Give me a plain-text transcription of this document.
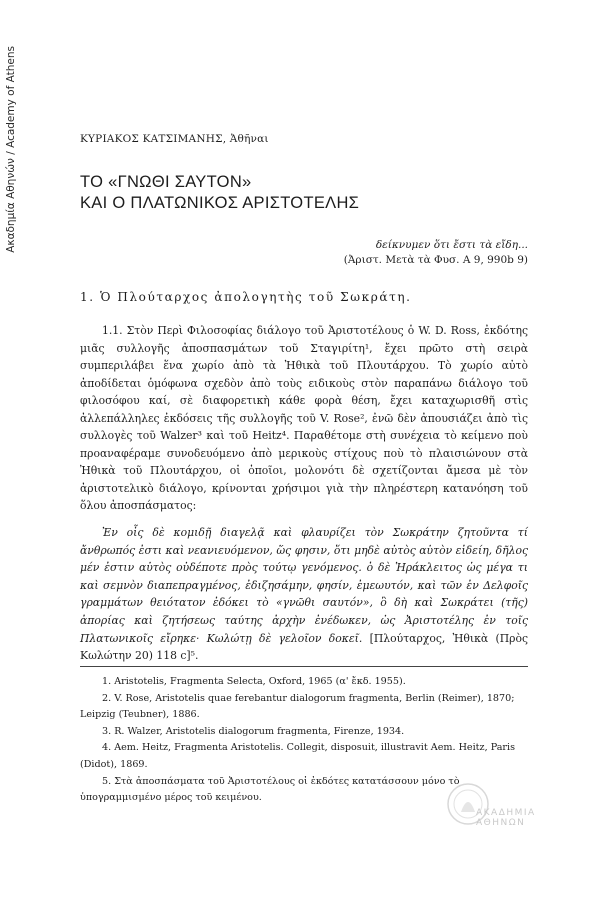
Ακαδημία Αθηνών / Academy of Athens	ΚΥΡΙΑΚΟΣ ΚΑΤΣΙΜΑΝΗΣ, Ἀθῆναι
ΤΟ «ΓΝΩΘΙ ΣΑΥΤΟΝ»
ΚΑΙ Ο ΠΛΑΤΩΝΙΚΟΣ ΑΡΙΣΤΟΤΕΛΗΣ
δείκνυμεν ὅτι ἔστι τὰ εἴδη...
(Ἀριστ. Μετὰ τὰ Φυσ. Α 9, 990b 9)
1. Ὁ Πλούταρχος ἀπολογητὴς τοῦ Σωκράτη.

1.1. Στὸν Περὶ Φιλοσοφίας διάλογο τοῦ Ἀριστοτέλους ὁ W. D. Ross, ἐκδότης μιᾶς συλλογῆς ἀποσπασμάτων τοῦ Σταγιρίτη¹, ἔχει πρῶτο στὴ σειρὰ συμπεριλάβει ἕνα χωρίο ἀπὸ τὰ Ἠθικὰ τοῦ Πλουτάρχου. Τὸ χωρίο αὐτὸ ἀποδίδεται ὁμόφωνα σχεδὸν ἀπὸ τοὺς ειδικοὺς στὸν παραπάνω διάλογο τοῦ φιλοσόφου καί, σὲ διαφορετικὴ κάθε φορὰ θέση, ἔχει καταχωρισθῆ στὶς ἀλλεπάλληλες ἐκδόσεις τῆς συλλογῆς τοῦ V. Rose², ἐνῶ δὲν ἀπουσιάζει ἀπὸ τὶς συλλογὲς τοῦ Walzer³ καὶ τοῦ Heitz⁴. Παραθέτομε στὴ συνέχεια τὸ κείμενο ποὺ προαναφέραμε συνοδευόμενο ἀπὸ μερικοὺς στίχους ποὺ τὸ πλαισιώνουν στὰ Ἠθικὰ τοῦ Πλουτάρχου, οἱ ὁποῖοι, μολονότι δὲ σχετίζονται ἄμεσα μὲ τὸν ἀριστοτελικὸ διάλογο, κρίνονται χρήσιμοι γιὰ τὴν πληρέστερη κατανόηση τοῦ ὅλου ἀποσπάσματος:

Ἐν οἷς δὲ κομιδῇ διαγελᾷ καὶ φλαυρίζει τὸν Σωκράτην ζητοῦντα τί ἄνθρωπός ἐστι καὶ νεανιευόμενον, ὥς φησιν, ὅτι μηδὲ αὐτὸς αὑτὸν εἰδείη, δῆλος μέν ἐστιν αὐτὸς οὐδέποτε πρὸς τούτῳ γενόμενος. ὁ δὲ Ἡράκλειτος ὡς μέγα τι καὶ σεμνὸν διαπεπραγμένος, ἐδιζησάμην, φησίν, ἐμεωυτόν, καὶ τῶν ἐν Δελφοῖς γραμμάτων θειότατον ἐδόκει τὸ «γνῶθι σαυτόν», ὃ δὴ καὶ Σωκράτει (τῆς) ἀπορίας καὶ ζητήσεως ταύτης ἀρχὴν ἐνέδωκεν, ὡς Ἀριστοτέλης ἐν τοῖς Πλατωνικοῖς εἴρηκε· Κωλώτῃ δὲ γελοῖον δοκεῖ. [Πλούταρχος, Ἠθικὰ (Πρὸς Κωλώτην 20) 118 c]⁵.

1. Aristotelis, Fragmenta Selecta, Oxford, 1965 (α' ἔκδ. 1955).
2. V. Rose, Aristotelis quae ferebantur dialogorum fragmenta, Berlin (Reimer), 1870; Leipzig (Teubner), 1886.
3. R. Walzer, Aristotelis dialogorum fragmenta, Firenze, 1934.
4. Aem. Heitz, Fragmenta Aristotelis. Collegit, disposuit, illustravit Aem. Heitz, Paris (Didot), 1869.
5. Στὰ ἀποσπάσματα τοῦ Ἀριστοτέλους οἱ ἐκδότες κατατάσσουν μόνο τὸ ὑπογραμμισμένο μέρος τοῦ κειμένου.
ΑΚΑΔΗΜΙΑ ΑΘΗΝΩΝ
